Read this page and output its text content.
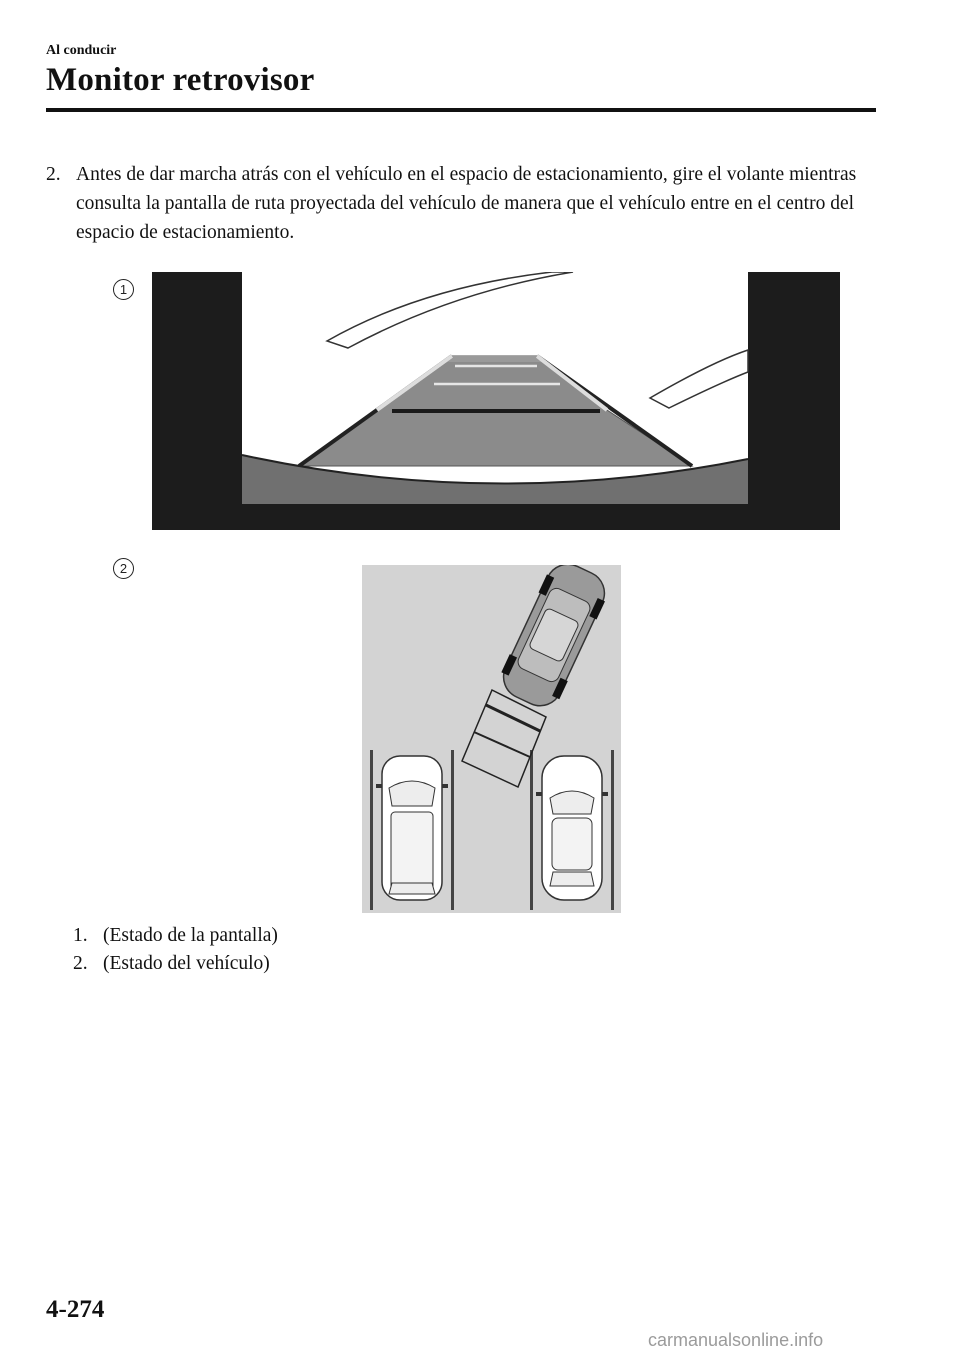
Al conducir
Monitor retrovisor
2. Antes de dar marcha atrás con el vehículo en el espacio de estacionamiento, gire el volante mientras consulta la pantalla de ruta proyectada del vehículo de manera que el vehículo entre en el centro del espacio de estacionamiento.
1
2
1. (Estado de la pantalla)
2. (Estado del vehículo)
4-274
carmanualsonline.info
